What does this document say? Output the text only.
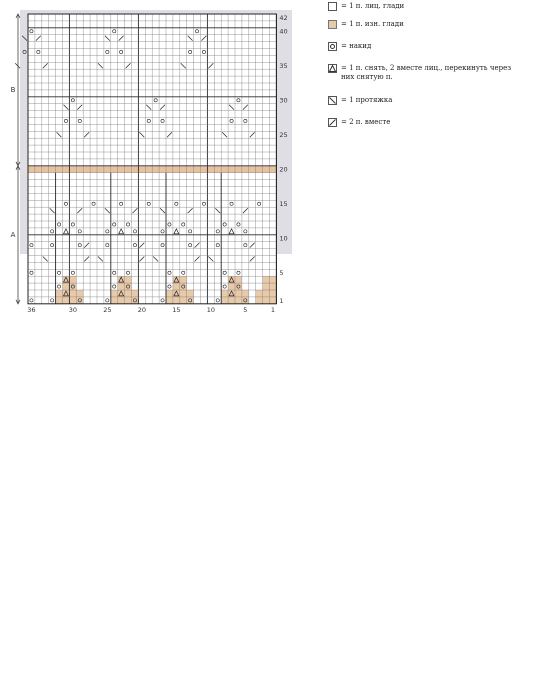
36	30	25	20	15	10	5	1
1
5
10
15
20
25
30
35
40
42
B
A
= 1 п. лиц. глади
= 1 п. изн. глади
= накид
= 1 п. снять, 2 вместе лиц., перекинуть через них снятую п.
= 1 протяжка
= 2 п. вместе
